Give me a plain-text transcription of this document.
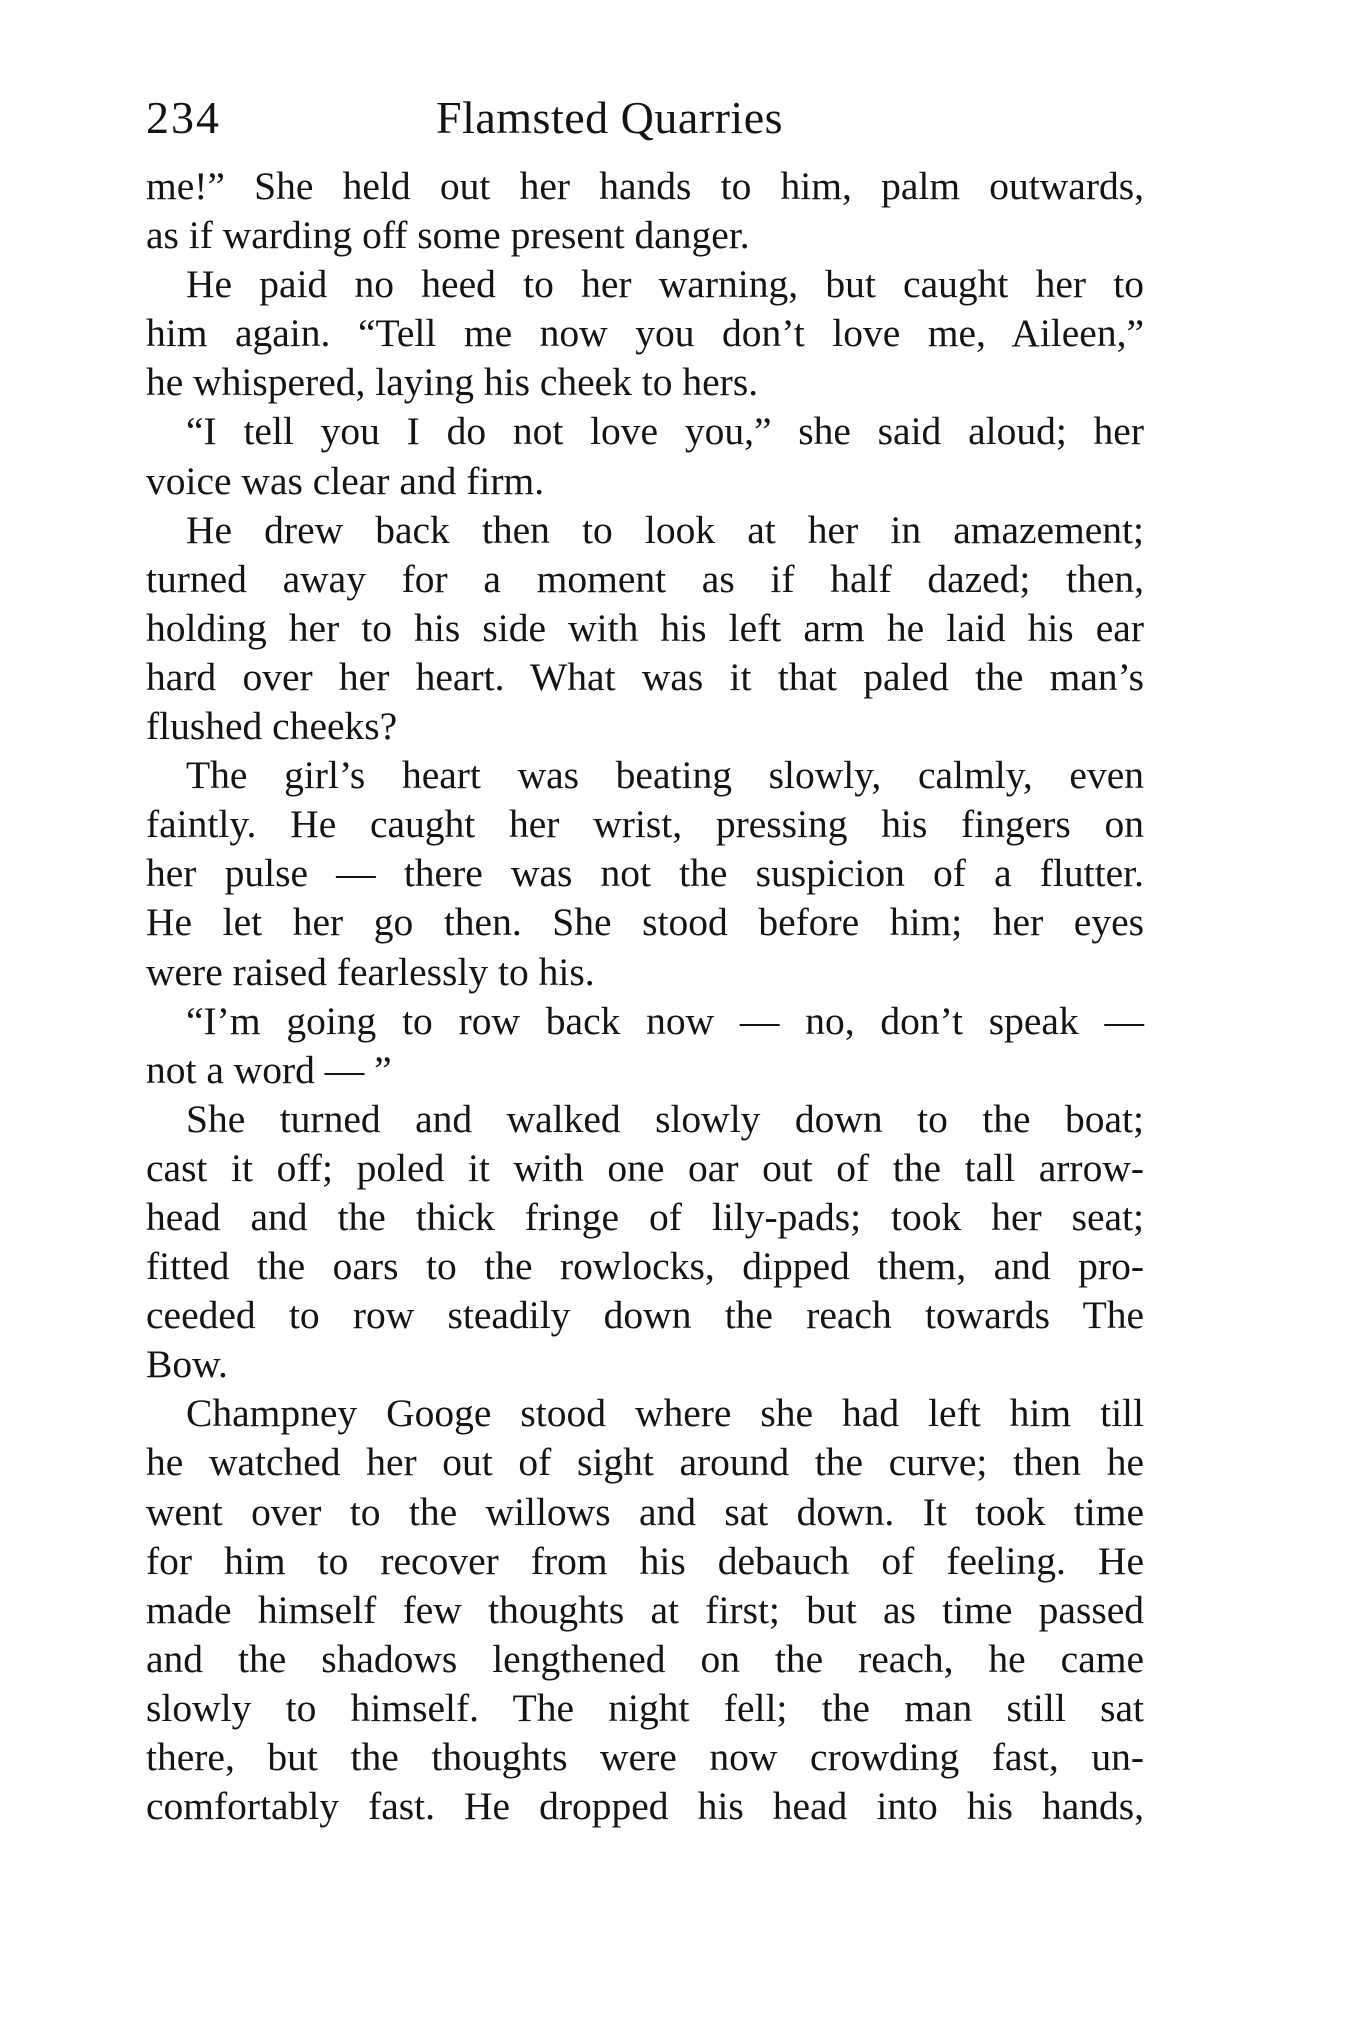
234	Flamsted Quarries
me!” She held out her hands to him, palm outwards,
as if warding off some present danger.
He paid no heed to her warning, but caught her to
him again. “Tell me now you don’t love me, Aileen,”
he whispered, laying his cheek to hers.
“I tell you I do not love you,” she said aloud; her
voice was clear and firm.
He drew back then to look at her in amazement;
turned away for a moment as if half dazed; then,
holding her to his side with his left arm he laid his ear
hard over her heart. What was it that paled the man’s
flushed cheeks?
The girl’s heart was beating slowly, calmly, even
faintly. He caught her wrist, pressing his fingers on
her pulse — there was not the suspicion of a flutter.
He let her go then. She stood before him; her eyes
were raised fearlessly to his.
“I’m going to row back now — no, don’t speak —
not a word — ”
She turned and walked slowly down to the boat;
cast it off; poled it with one oar out of the tall arrow-
head and the thick fringe of lily-pads; took her seat;
fitted the oars to the rowlocks, dipped them, and pro-
ceeded to row steadily down the reach towards The
Bow.
Champney Googe stood where she had left him till
he watched her out of sight around the curve; then he
went over to the willows and sat down. It took time
for him to recover from his debauch of feeling. He
made himself few thoughts at first; but as time passed
and the shadows lengthened on the reach, he came
slowly to himself. The night fell; the man still sat
there, but the thoughts were now crowding fast, un-
comfortably fast. He dropped his head into his hands,
